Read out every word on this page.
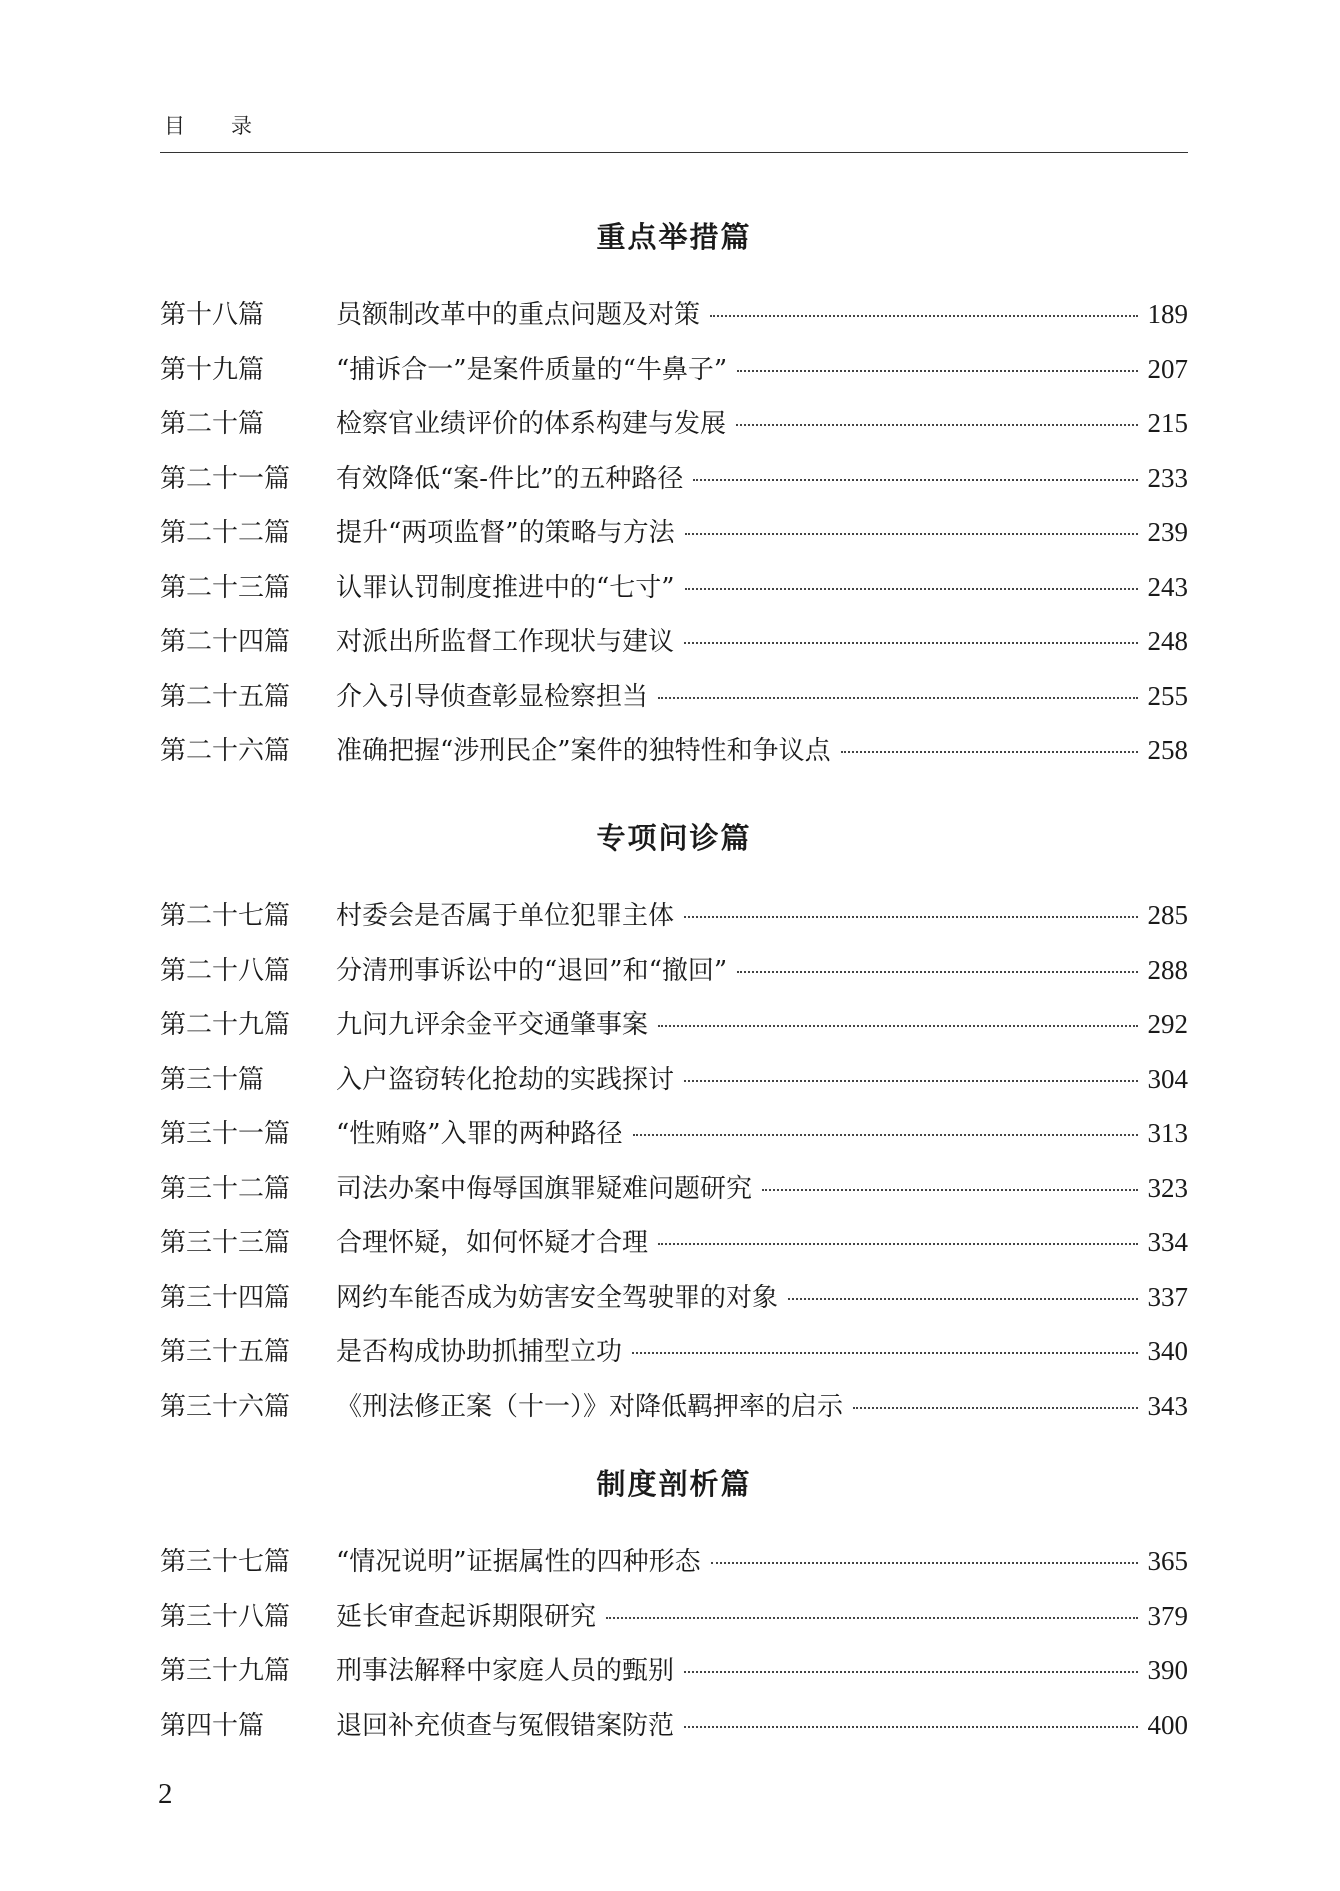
目录
重点举措篇
第十八篇	员额制改革中的重点问题及对策	189
第十九篇	“捕诉合一”是案件质量的“牛鼻子”	207
第二十篇	检察官业绩评价的体系构建与发展	215
第二十一篇	有效降低“案-件比”的五种路径	233
第二十二篇	提升“两项监督”的策略与方法	239
第二十三篇	认罪认罚制度推进中的“七寸”	243
第二十四篇	对派出所监督工作现状与建议	248
第二十五篇	介入引导侦查彰显检察担当	255
第二十六篇	准确把握“涉刑民企”案件的独特性和争议点	258
专项问诊篇
第二十七篇	村委会是否属于单位犯罪主体	285
第二十八篇	分清刑事诉讼中的“退回”和“撤回”	288
第二十九篇	九问九评余金平交通肇事案	292
第三十篇	入户盗窃转化抢劫的实践探讨	304
第三十一篇	“性贿赂”入罪的两种路径	313
第三十二篇	司法办案中侮辱国旗罪疑难问题研究	323
第三十三篇	合理怀疑，如何怀疑才合理	334
第三十四篇	网约车能否成为妨害安全驾驶罪的对象	337
第三十五篇	是否构成协助抓捕型立功	340
第三十六篇	《刑法修正案（十一）》对降低羁押率的启示	343
制度剖析篇
第三十七篇	“情况说明”证据属性的四种形态	365
第三十八篇	延长审查起诉期限研究	379
第三十九篇	刑事法解释中家庭人员的甄别	390
第四十篇	退回补充侦查与冤假错案防范	400
2
